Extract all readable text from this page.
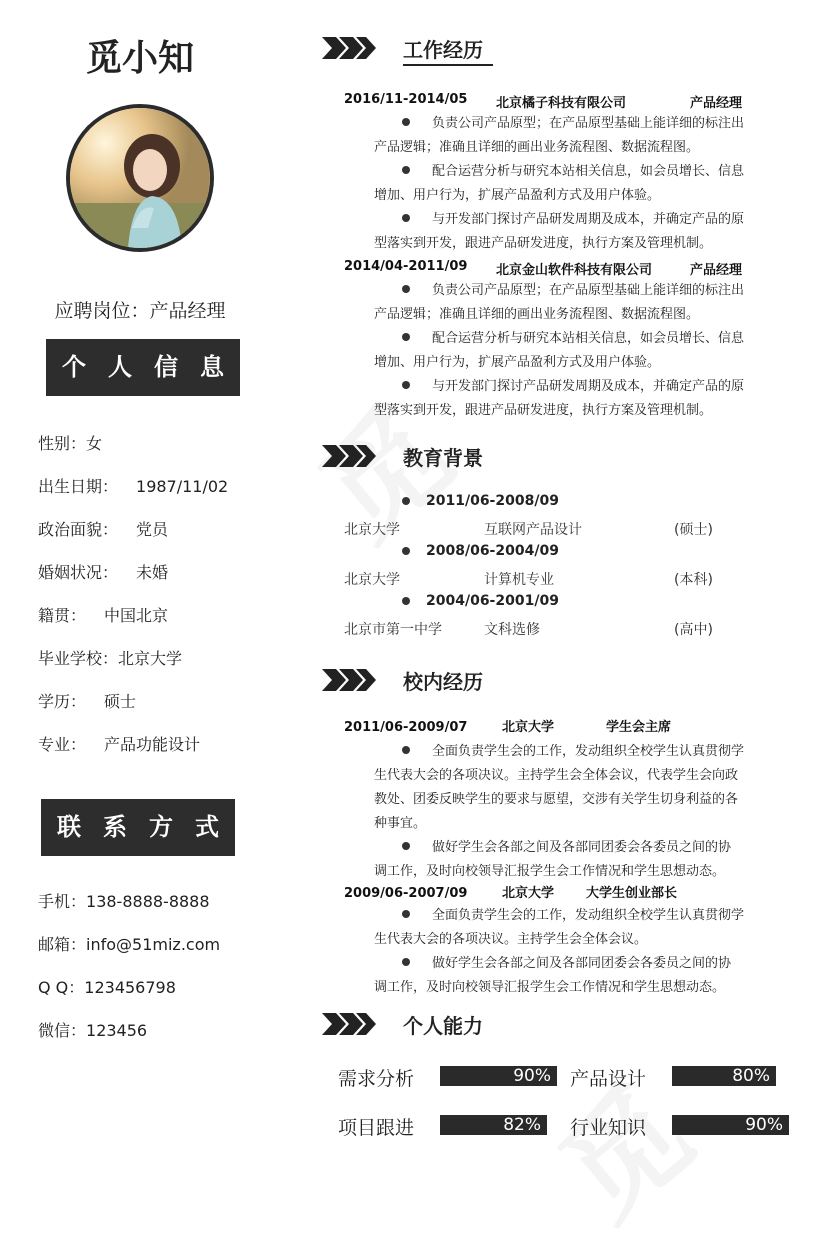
觅小知
应聘岗位：产品经理
个人信息
性别：女
出生日期： 1987/11/02
政治面貌： 党员
婚姻状况： 未婚
籍贯： 中国北京
毕业学校：北京大学
学历： 硕士
专业： 产品功能设计
联系方式
手机：138-8888-8888
邮箱：info@51miz.com
Q Q：123456798
微信：123456
工作经历
2016/11-2014/05 北京橘子科技有限公司	产品经理
负责公司产品原型；在产品原型基础上能详细的标注出
产品逻辑；准确且详细的画出业务流程图、数据流程图。
配合运营分析与研究本站相关信息，如会员增长、信息
增加、用户行为，扩展产品盈利方式及用户体验。
与开发部门探讨产品研发周期及成本，并确定产品的原
型落实到开发，跟进产品研发进度，执行方案及管理机制。
2014/04-2011/09 北京金山软件科技有限公司	产品经理
负责公司产品原型；在产品原型基础上能详细的标注出
产品逻辑；准确且详细的画出业务流程图、数据流程图。
配合运营分析与研究本站相关信息，如会员增长、信息
增加、用户行为，扩展产品盈利方式及用户体验。
与开发部门探讨产品研发周期及成本，并确定产品的原
型落实到开发，跟进产品研发进度，执行方案及管理机制。
教育背景
2011/06-2008/09
北京大学	互联网产品设计	(硕士)
2008/06-2004/09
北京大学	计算机专业	(本科)
2004/06-2001/09
北京市第一中学	文科选修	(高中)
校内经历
2011/06-2009/07	北京大学	学生会主席
全面负责学生会的工作，发动组织全校学生认真贯彻学
生代表大会的各项决议。主持学生会全体会议，代表学生会向政
教处、团委反映学生的要求与愿望，交涉有关学生切身利益的各
种事宜。
做好学生会各部之间及各部同团委会各委员之间的协
调工作，及时向校领导汇报学生会工作情况和学生思想动态。
2009/06-2007/09	北京大学 大学生创业部长
全面负责学生会的工作，发动组织全校学生认真贯彻学
生代表大会的各项决议。主持学生会全体会议。
做好学生会各部之间及各部同团委会各委员之间的协
调工作，及时向校领导汇报学生会工作情况和学生思想动态。
个人能力
需求分析	90%	产品设计	80%
项目跟进	82%	行业知识	90%
